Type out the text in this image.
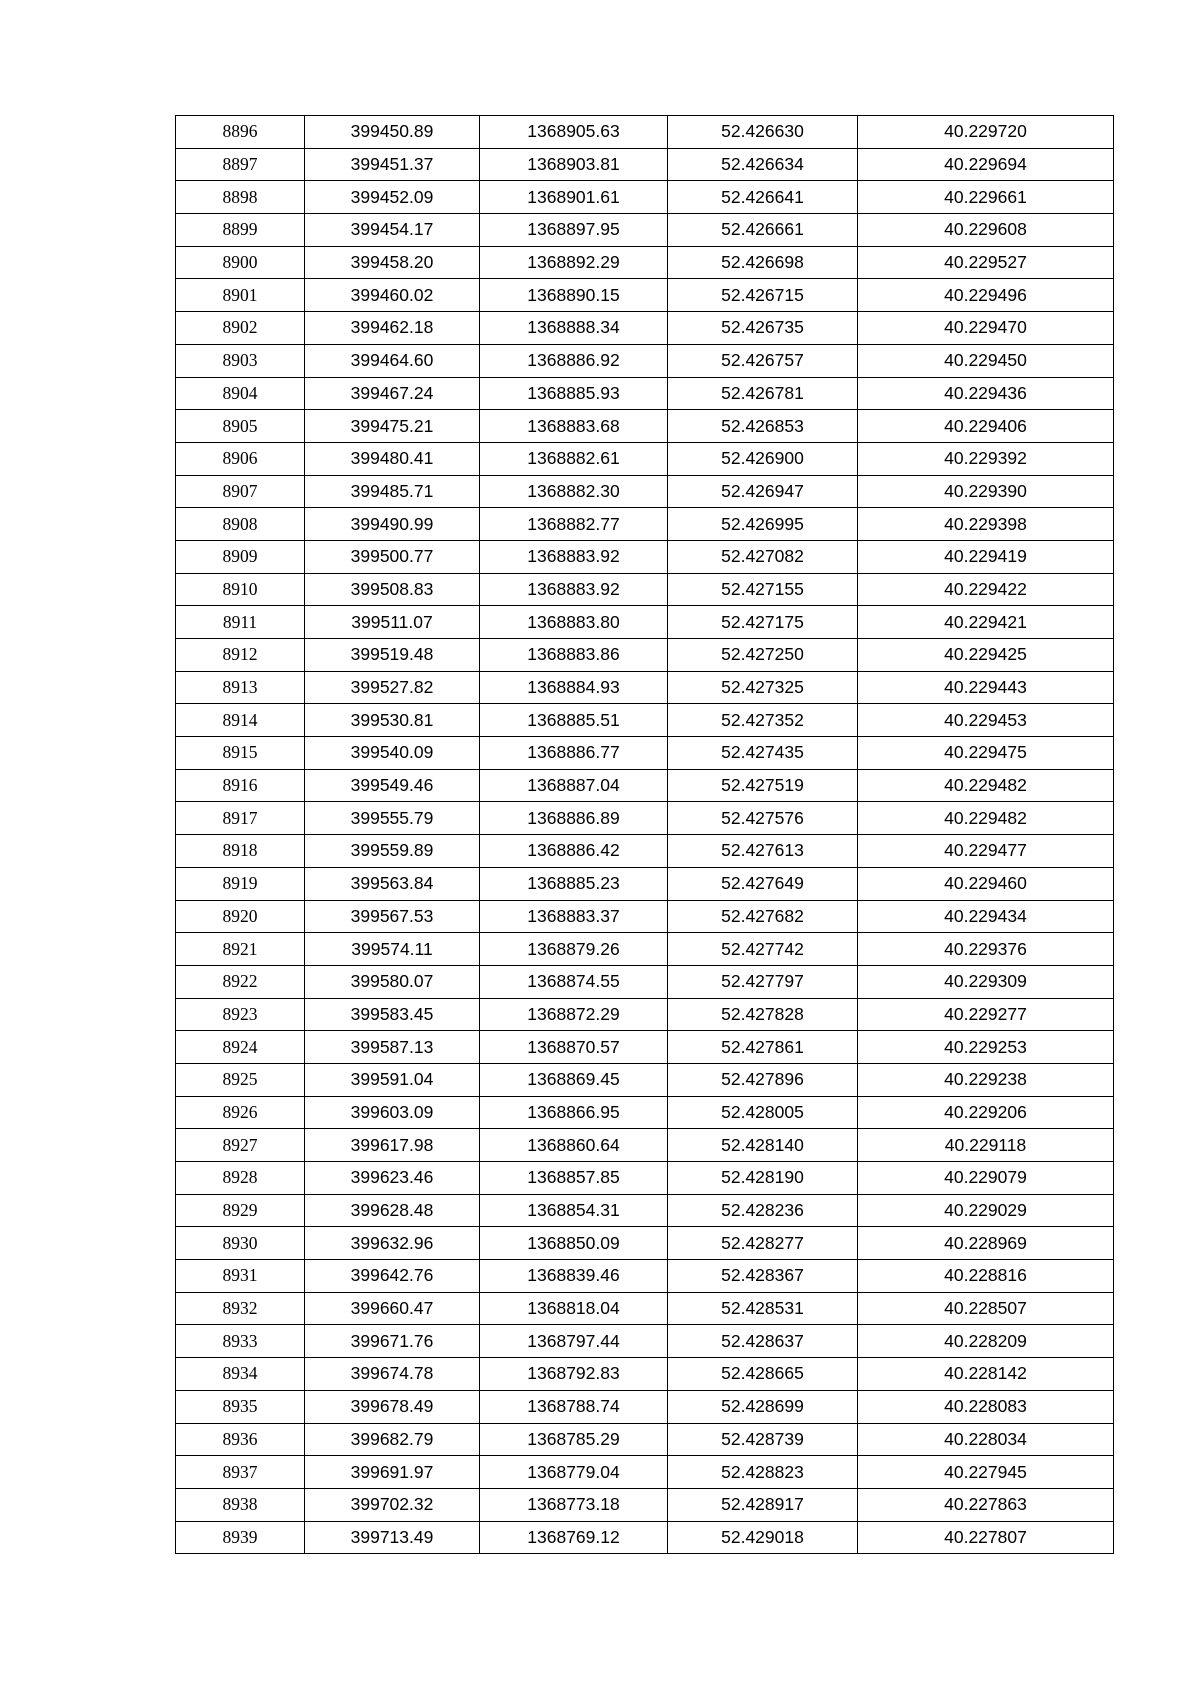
8896	399450.89	1368905.63	52.426630	40.229720
8897	399451.37	1368903.81	52.426634	40.229694
8898	399452.09	1368901.61	52.426641	40.229661
8899	399454.17	1368897.95	52.426661	40.229608
8900	399458.20	1368892.29	52.426698	40.229527
8901	399460.02	1368890.15	52.426715	40.229496
8902	399462.18	1368888.34	52.426735	40.229470
8903	399464.60	1368886.92	52.426757	40.229450
8904	399467.24	1368885.93	52.426781	40.229436
8905	399475.21	1368883.68	52.426853	40.229406
8906	399480.41	1368882.61	52.426900	40.229392
8907	399485.71	1368882.30	52.426947	40.229390
8908	399490.99	1368882.77	52.426995	40.229398
8909	399500.77	1368883.92	52.427082	40.229419
8910	399508.83	1368883.92	52.427155	40.229422
8911	399511.07	1368883.80	52.427175	40.229421
8912	399519.48	1368883.86	52.427250	40.229425
8913	399527.82	1368884.93	52.427325	40.229443
8914	399530.81	1368885.51	52.427352	40.229453
8915	399540.09	1368886.77	52.427435	40.229475
8916	399549.46	1368887.04	52.427519	40.229482
8917	399555.79	1368886.89	52.427576	40.229482
8918	399559.89	1368886.42	52.427613	40.229477
8919	399563.84	1368885.23	52.427649	40.229460
8920	399567.53	1368883.37	52.427682	40.229434
8921	399574.11	1368879.26	52.427742	40.229376
8922	399580.07	1368874.55	52.427797	40.229309
8923	399583.45	1368872.29	52.427828	40.229277
8924	399587.13	1368870.57	52.427861	40.229253
8925	399591.04	1368869.45	52.427896	40.229238
8926	399603.09	1368866.95	52.428005	40.229206
8927	399617.98	1368860.64	52.428140	40.229118
8928	399623.46	1368857.85	52.428190	40.229079
8929	399628.48	1368854.31	52.428236	40.229029
8930	399632.96	1368850.09	52.428277	40.228969
8931	399642.76	1368839.46	52.428367	40.228816
8932	399660.47	1368818.04	52.428531	40.228507
8933	399671.76	1368797.44	52.428637	40.228209
8934	399674.78	1368792.83	52.428665	40.228142
8935	399678.49	1368788.74	52.428699	40.228083
8936	399682.79	1368785.29	52.428739	40.228034
8937	399691.97	1368779.04	52.428823	40.227945
8938	399702.32	1368773.18	52.428917	40.227863
8939	399713.49	1368769.12	52.429018	40.227807
